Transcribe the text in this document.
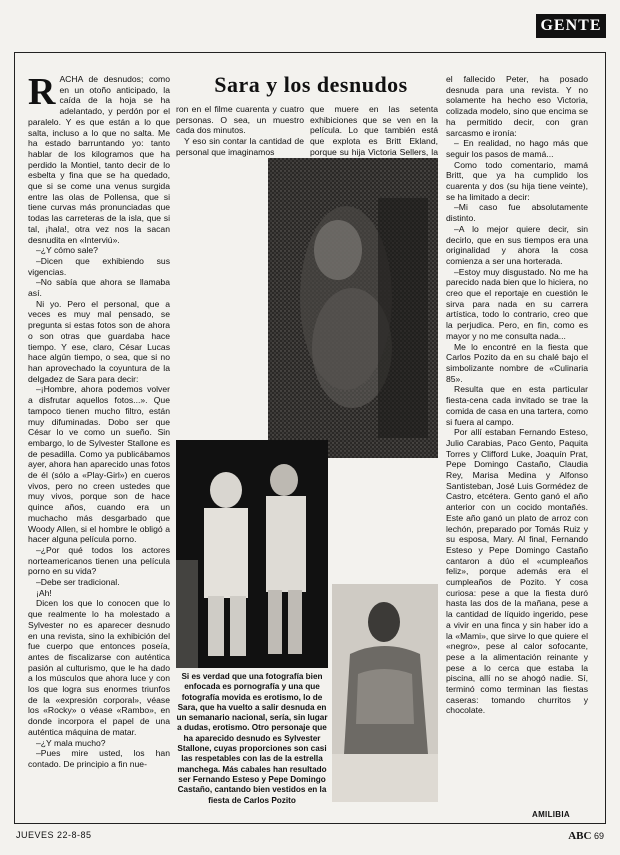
GENTE

RACHA de desnudos; como en un otoño anticipado, la caída de la hoja se ha adelantado, y perdón por el paralelo. Y es que están a lo que salta, incluso a lo que no salta. Me ha estado barruntando yo: tanto hablar de los kilogramos que ha perdido la Montiel, tanto decir de lo esbelta y fina que se ha quedado, que si se come una venus surgida entre las olas de Pollensa, que si tiene curvas más pronunciadas que todas las carreteras de la isla, que si tal, ¡hala!, otra vez nos la sacan desnudita en «Interviú».

–¿Y cómo sale?

–Dicen que exhibiendo sus vigencias.

–No sabía que ahora se llamaba así.

Ni yo. Pero el personal, que a veces es muy mal pensado, se pregunta si estas fotos son de ahora o son otras que guardaba hace tiempo. Y ese, claro, César Lucas hace algún tiempo, o sea, que si no han aprovechado la coyuntura de la delgadez de Sara para decir:

–¡Hombre, ahora podemos volver a disfrutar aquellos fotos...». Que tampoco tienen mucho filtro, están muy difuminadas. Dobo ser que César lo ve como un sueño. Sin embargo, lo de Sylvester Stallone es de pesadilla. Como ya publicábamos ayer, ahora han aparecido unas fotos de él (sólo a «Play-Girl») en cueros vivos, pero no creen ustedes que muy vivos, porque son de hace quince años, cuando era un muchacho más desgarbado que Woody Allen, si el hombre le obligó a hacer alguna película porno.

–¿Por qué todos los actores norteamericanos tienen una película porno en su vida?

–Debe ser tradicional.

¡Ah!

Dicen los que lo conocen que lo que realmente lo ha molestado a Sylvester no es aparecer desnudo en una revista, sino la exhibición del fue cuerpo que entonces poseía, antes de fiscalizarse con auténtica pasión al culturismo, que le ha dado a los músculos que ahora luce y con los que logra sus enormes triunfos de la «expresión corporal», véase los «Rocky» o véase «Rambo», en donde incorpora el papel de una auténtica máquina de matar.

–¿Y mala mucho?

–Pues mire usted, los han contado. De principio a fin nue-

Sara y los desnudos

ron en el filme cuarenta y cuatro personas. O sea, un muestro cada dos minutos.

Y eso sin contar la cantidad de personal que imaginamos

que muere en las setenta exhibiciones que se ven en la película. Lo que también está que explota es Britt Ekland, porque su hija Victoria Sellers, la

el fallecido Peter, ha posado desnuda para una revista. Y no solamente ha hecho eso Victoria, colizada modelo, sino que encima se ha permitido decir, con gran sarcasmo e ironía:

– En realidad, no hago más que seguir los pasos de mamá...

Como todo comentario, mamá Britt, que ya ha cumplido los cuarenta y dos (su hija tiene veinte), se ha limitado a decir:

–Mi caso fue absolutamente distinto.

–A lo mejor quiere decir, sin decirlo, que en sus tiempos era una originalidad y ahora la cosa comienza a ser una horterada.

–Estoy muy disgustado. No me ha parecido nada bien que lo hiciera, no creo que el reportaje en cuestión le sirva para nada en su carrera artística, todo lo contrario, creo que la perjudica. Pero, en fin, como es mayor y no me consulta nada...

Me lo encontré en la fiesta que Carlos Pozito da en su chalé bajo el simbolizante nombre de «Culinaria 85».

Resulta que en esta particular fiesta-cena cada invitado se trae la comida de casa en una tartera, como si fuera al campo.

Por allí estaban Fernando Esteso, Julio Carabias, Paco Gento, Paquita Torres y Clifford Luke, Joaquín Prat, Pepe Domingo Castaño, Claudia Rey, Marisa Medina y Alfonso Santisteban, José Luis Gormédez de Castro, etcétera. Gento ganó el año anterior con un cocido montañés. Este año ganó un plato de arroz con lechón, preparado por Tomás Ruiz y su esposa, Mary. Al final, Fernando Esteso y Pepe Domingo Castaño cantaron a dúo el «cumpleaños feliz», porque además era el cumpleaños de Pozito. Y cosa curiosa: pese a que la fiesta duró hasta las dos de la mañana, pese a la cantidad de líquido ingerido, pese a vivir en una finca y sin haber ido a la «Mami», que sirve lo que quiere el «negro», pese al calor sofocante, pese a la alimentación reinante y pese a lo cerca que estaba la piscina, allí no se ahogó nadie. Sí, terminó como terminan las fiestas caseras: tomando churritos y chocolate.

Si es verdad que una fotografía bien enfocada es pornografía y una que fotografía movida es erotismo, lo de Sara, que ha vuelto a salir desnuda en un semanario nacional, sería, sin lugar a dudas, erotismo. Otro personaje que ha aparecido desnudo es Sylvester Stallone, cuyas proporciones son casi las respetables con las de la estrella manchega. Más cabales han resultado ser Fernando Esteso y Pepe Domingo Castaño, cantando bien vestidos en la fiesta de Carlos Pozito
AMILIBIA
JUEVES 22-8-85	ABC 69
